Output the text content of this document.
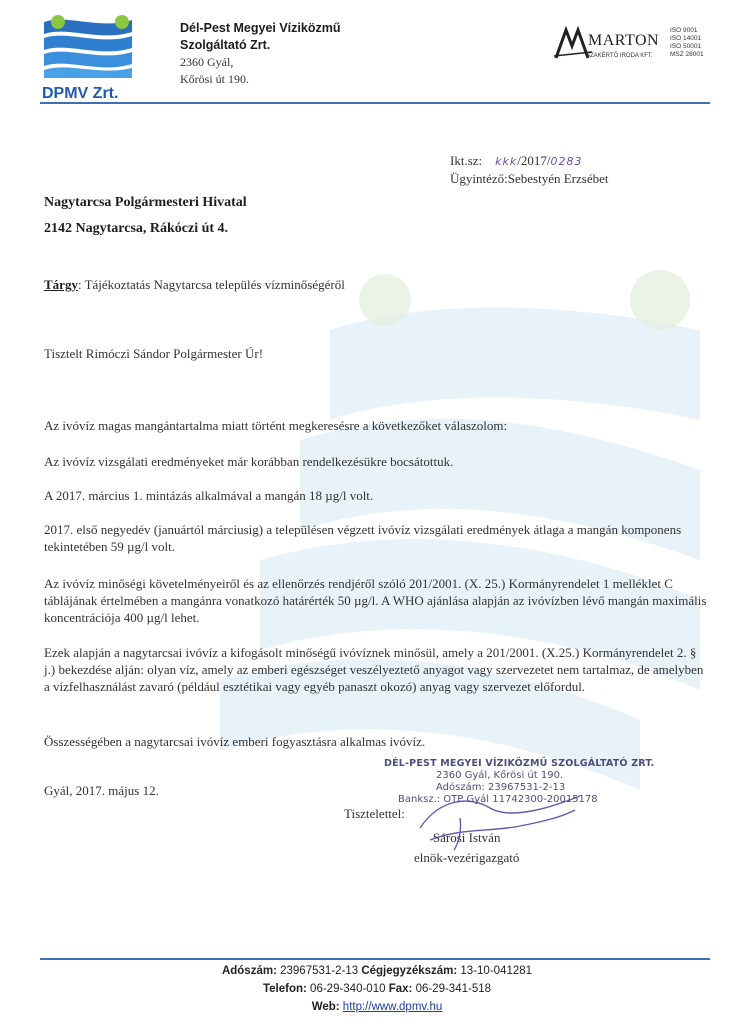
DPMV Zrt.
Dél-Pest Megyei Víziközmű
Szolgáltató Zrt.
2360 Gyál,
Kőrösi út 190.
MARTON
SZAKÉRTŐ IRODA KFT.
ISO 9001
ISO 14001
ISO 50001
MSZ 28001
Ikt.sz: kkk/2017/0283
Ügyintéző:Sebestyén Erzsébet
Nagytarcsa Polgármesteri Hivatal
2142 Nagytarcsa, Rákóczi út 4.
Tárgy: Tájékoztatás Nagytarcsa település vízminőségéről
Tisztelt Rimóczi Sándor Polgármester Úr!
Az ivóvíz magas mangántartalma miatt történt megkeresésre a következőket válaszolom:
Az ivóvíz vizsgálati eredményeket már korábban rendelkezésükre bocsátottuk.
A 2017. március 1. mintázás alkalmával a mangán 18 µg/l volt.
2017. első negyedév (januártól márciusig) a településen végzett ivóvíz vizsgálati eredmények átlaga a mangán komponens tekintetében 59 µg/l volt.
Az ivóvíz minőségi követelményeiről és az ellenőrzés rendjéről szóló 201/2001. (X. 25.) Kormányrendelet 1 melléklet C táblájának értelmében a mangánra vonatkozó határérték 50 µg/l. A WHO ajánlása alapján az ivóvízben lévő mangán maximális koncentrációja 400 µg/l lehet.
Ezek alapján a nagytarcsai ivóvíz a kifogásolt minőségű ivóvíznek minősül, amely a 201/2001. (X.25.) Kormányrendelet 2. § j.) bekezdése alján: olyan víz, amely az emberi egészséget veszélyeztető anyagot vagy szervezetet nem tartalmaz, de amelyben a vízfelhasználást zavaró (például esztétikai vagy egyéb panaszt okozó) anyag vagy szervezet előfordul.
Összességében a nagytarcsai ivóvíz emberi fogyasztásra alkalmas ivóvíz.
DÉL-PEST MEGYEI VÍZIKÖZMŰ SZOLGÁLTATÓ ZRT.
2360 Gyál, Kőrösi út 190.
Adószám: 23967531-2-13
Banksz.: OTP Gyál 11742300-20015178
Gyál, 2017. május 12.
Tisztelettel:
Sárosi István
elnök-vezérigazgató
Adószám: 23967531-2-13 Cégjegyzékszám: 13-10-041281
Telefon: 06-29-340-010 Fax: 06-29-341-518
Web: http://www.dpmv.hu
